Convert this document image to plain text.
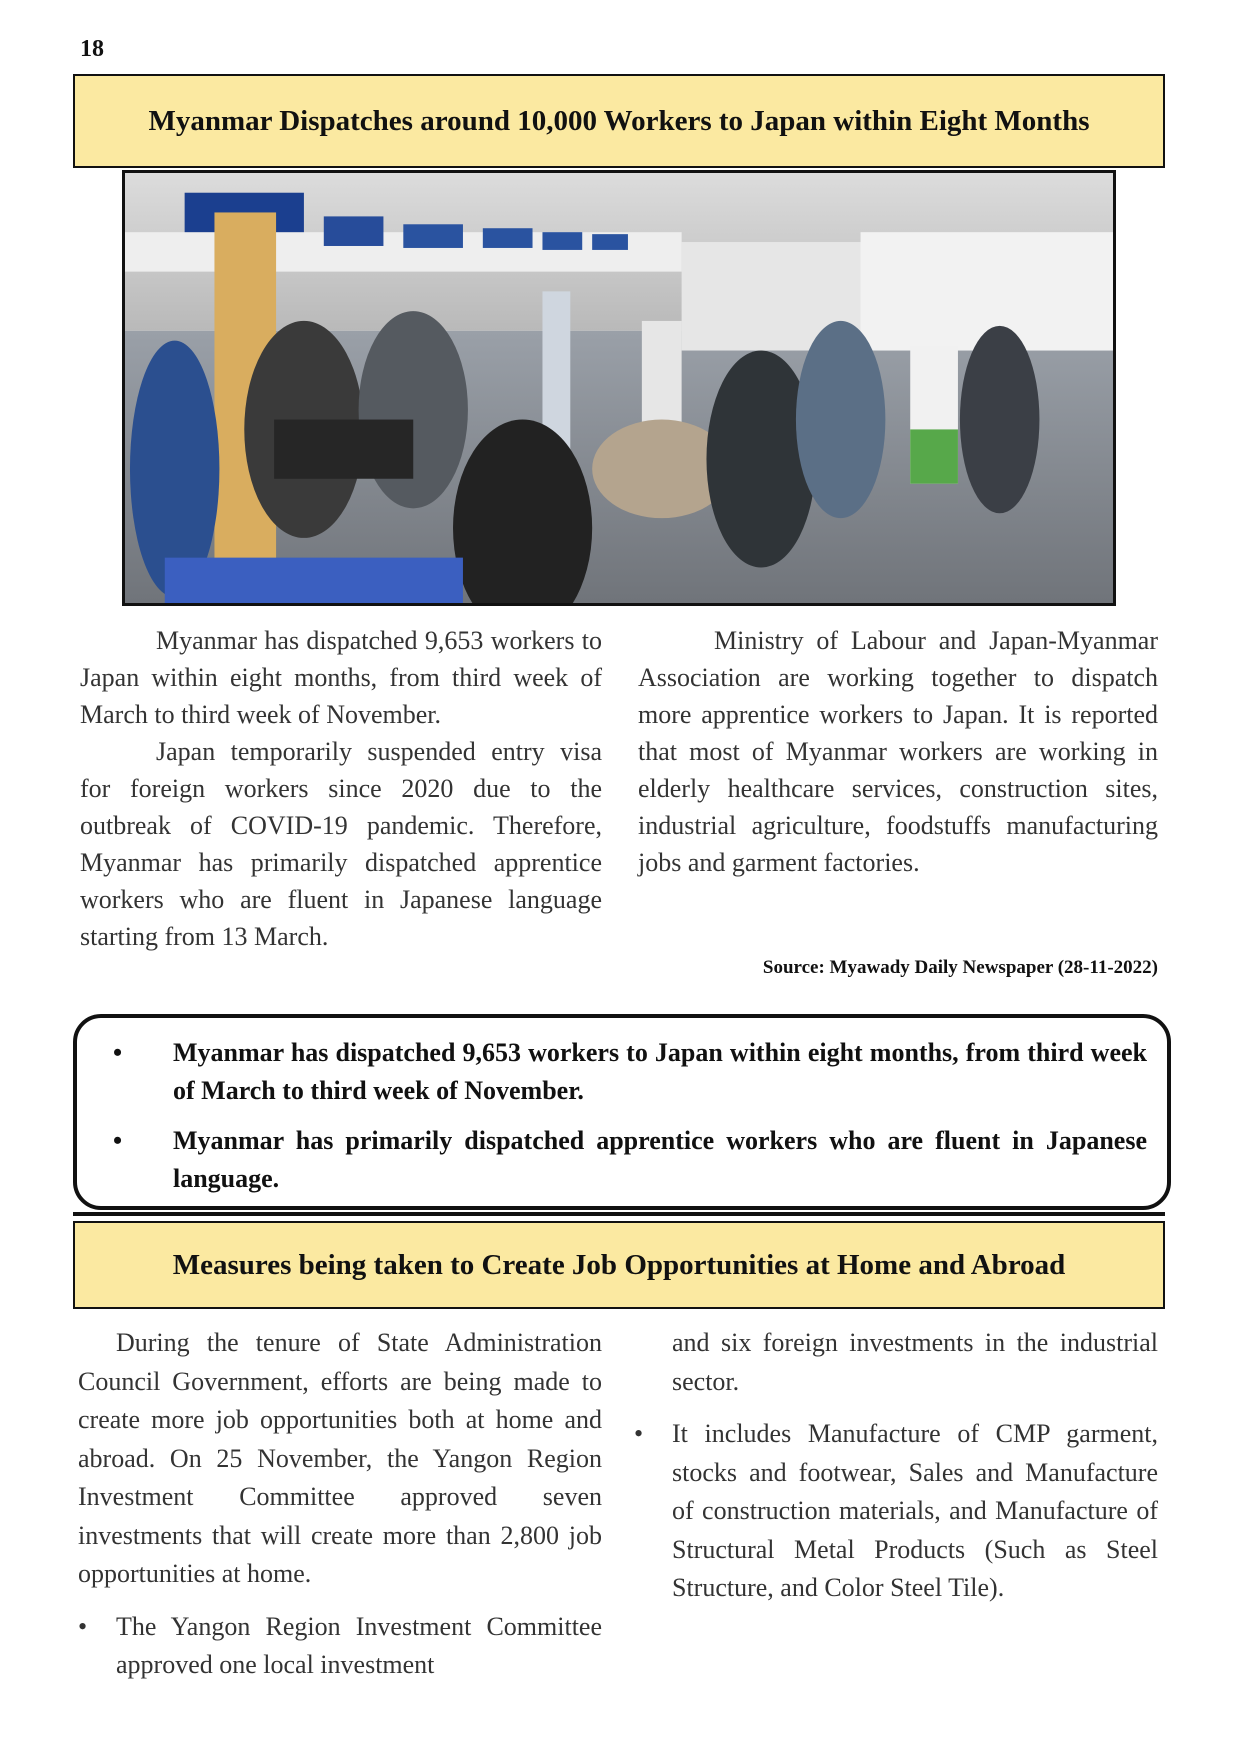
18
Myanmar Dispatches around 10,000 Workers to Japan within Eight Months

Myanmar has dispatched 9,653 workers to Japan within eight months, from third week of March to third week of November.

Japan temporarily suspended entry visa for foreign workers since 2020 due to the outbreak of COVID-19 pandemic. Therefore, Myanmar has primarily dispatched apprentice workers who are fluent in Japanese language starting from 13 March.

Ministry of Labour and Japan-Myanmar Association are working together to dispatch more apprentice workers to Japan. It is reported that most of Myanmar workers are working in elderly healthcare services, construction sites, industrial agriculture, foodstuffs manufacturing jobs and garment factories.

Source: Myawady Daily Newspaper (28-11-2022)
• Myanmar has dispatched 9,653 workers to Japan within eight months, from third week of March to third week of November.
• Myanmar has primarily dispatched apprentice workers who are fluent in Japanese language.
Measures being taken to Create Job Opportunities at Home and Abroad

During the tenure of State Administration Council Government, efforts are being made to create more job opportunities both at home and abroad. On 25 November, the Yangon Region Investment Committee approved seven investments that will create more than 2,800 job opportunities at home.

• The Yangon Region Investment Committee approved one local investment

and six foreign investments in the industrial sector.

• It includes Manufacture of CMP garment, stocks and footwear, Sales and Manufacture of construction materials, and Manufacture of Structural Metal Products (Such as Steel Structure, and Color Steel Tile).
